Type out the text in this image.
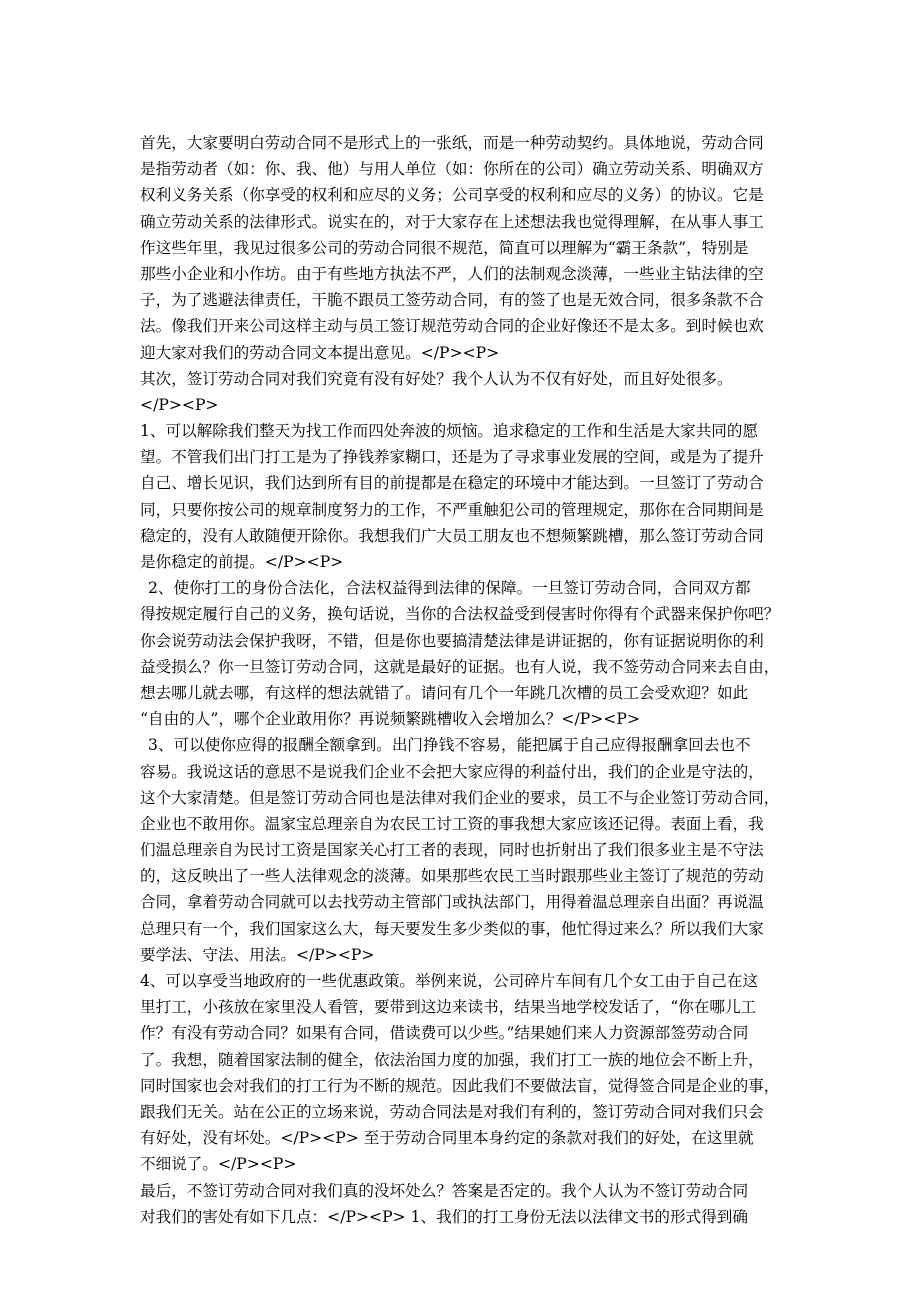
首先，大家要明白劳动合同不是形式上的一张纸，而是一种劳动契约。具体地说，劳动合同
是指劳动者（如：你、我、他）与用人单位（如：你所在的公司）确立劳动关系、明确双方
权利义务关系（你享受的权利和应尽的义务；公司享受的权利和应尽的义务）的协议。它是
确立劳动关系的法律形式。说实在的，对于大家存在上述想法我也觉得理解，在从事人事工
作这些年里，我见过很多公司的劳动合同很不规范，简直可以理解为“霸王条款”，特别是
那些小企业和小作坊。由于有些地方执法不严，人们的法制观念淡薄，一些业主钻法律的空
子，为了逃避法律责任，干脆不跟员工签劳动合同，有的签了也是无效合同，很多条款不合
法。像我们开来公司这样主动与员工签订规范劳动合同的企业好像还不是太多。到时候也欢
迎大家对我们的劳动合同文本提出意见。</P><P>
其次，签订劳动合同对我们究竟有没有好处？我个人认为不仅有好处，而且好处很多。
</P><P>
1、可以解除我们整天为找工作而四处奔波的烦恼。追求稳定的工作和生活是大家共同的愿
望。不管我们出门打工是为了挣钱养家糊口，还是为了寻求事业发展的空间，或是为了提升
自己、增长见识，我们达到所有目的前提都是在稳定的环境中才能达到。一旦签订了劳动合
同，只要你按公司的规章制度努力的工作，不严重触犯公司的管理规定，那你在合同期间是
稳定的，没有人敢随便开除你。我想我们广大员工朋友也不想频繁跳槽，那么签订劳动合同
是你稳定的前提。</P><P>
2、使你打工的身份合法化，合法权益得到法律的保障。一旦签订劳动合同，合同双方都
得按规定履行自己的义务，换句话说，当你的合法权益受到侵害时你得有个武器来保护你吧？
你会说劳动法会保护我呀，不错，但是你也要搞清楚法律是讲证据的，你有证据说明你的利
益受损么？你一旦签订劳动合同，这就是最好的证据。也有人说，我不签劳动合同来去自由，
想去哪儿就去哪，有这样的想法就错了。请问有几个一年跳几次槽的员工会受欢迎？如此
“自由的人”，哪个企业敢用你？再说频繁跳槽收入会增加么？</P><P>
3、可以使你应得的报酬全额拿到。出门挣钱不容易，能把属于自己应得报酬拿回去也不
容易。我说这话的意思不是说我们企业不会把大家应得的利益付出，我们的企业是守法的，
这个大家清楚。但是签订劳动合同也是法律对我们企业的要求，员工不与企业签订劳动合同，
企业也不敢用你。温家宝总理亲自为农民工讨工资的事我想大家应该还记得。表面上看，我
们温总理亲自为民讨工资是国家关心打工者的表现，同时也折射出了我们很多业主是不守法
的，这反映出了一些人法律观念的淡薄。如果那些农民工当时跟那些业主签订了规范的劳动
合同，拿着劳动合同就可以去找劳动主管部门或执法部门，用得着温总理亲自出面？再说温
总理只有一个，我们国家这么大，每天要发生多少类似的事，他忙得过来么？所以我们大家
要学法、守法、用法。</P><P>
4、可以享受当地政府的一些优惠政策。举例来说，公司碎片车间有几个女工由于自己在这
里打工，小孩放在家里没人看管，要带到这边来读书，结果当地学校发话了，“你在哪儿工
作？有没有劳动合同？如果有合同，借读费可以少些。”结果她们来人力资源部签劳动合同
了。我想，随着国家法制的健全，依法治国力度的加强，我们打工一族的地位会不断上升，
同时国家也会对我们的打工行为不断的规范。因此我们不要做法盲，觉得签合同是企业的事，
跟我们无关。站在公正的立场来说，劳动合同法是对我们有利的，签订劳动合同对我们只会
有好处，没有坏处。</P><P> 至于劳动合同里本身约定的条款对我们的好处，在这里就
不细说了。</P><P>
最后，不签订劳动合同对我们真的没坏处么？答案是否定的。我个人认为不签订劳动合同
对我们的害处有如下几点：</P><P> 1、我们的打工身份无法以法律文书的形式得到确
